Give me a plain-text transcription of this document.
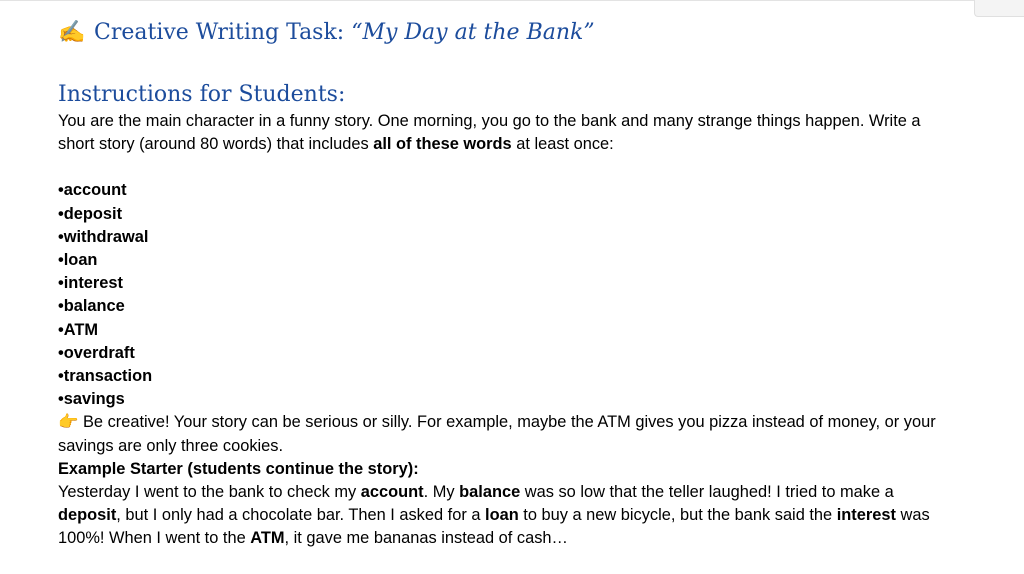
✍️ Creative Writing Task: “My Day at the Bank”
Instructions for Students:

You are the main character in a funny story. One morning, you go to the bank and many strange things happen. Write a short story (around 80 words) that includes all of these words at least once:

•account
•deposit
•withdrawal
•loan
•interest
•balance
•ATM
•overdraft
•transaction
•savings

👉 Be creative! Your story can be serious or silly. For example, maybe the ATM gives you pizza instead of money, or your savings are only three cookies.

Example Starter (students continue the story):

Yesterday I went to the bank to check my account. My balance was so low that the teller laughed! I tried to make a deposit, but I only had a chocolate bar. Then I asked for a loan to buy a new bicycle, but the bank said the interest was 100%! When I went to the ATM, it gave me bananas instead of cash…
